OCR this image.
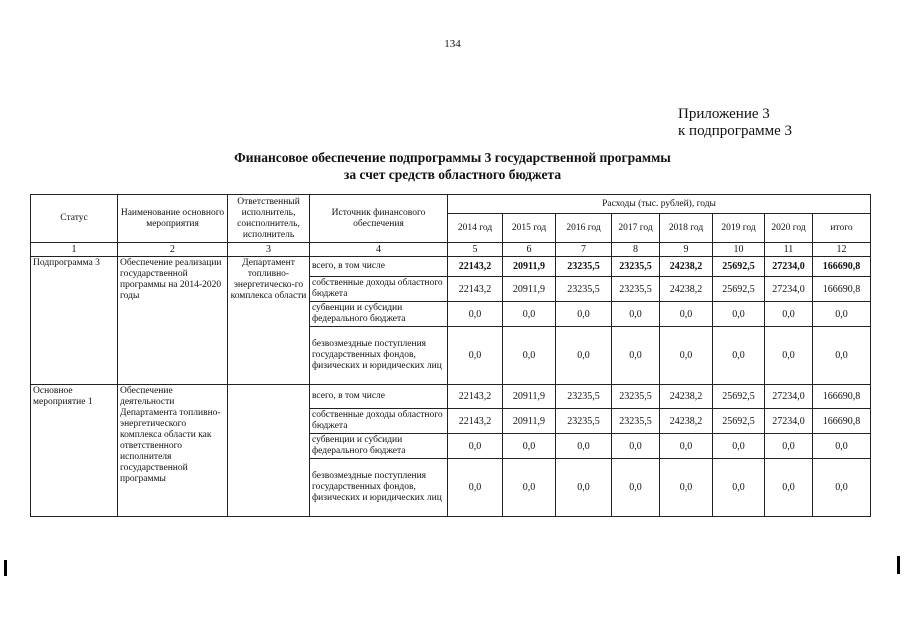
134
Приложение 3
к подпрограмме 3
Финансовое обеспечение подпрограммы 3 государственной программы
за счет средств областного бюджета
Статус	Наименование основного мероприятия	Ответственный исполнитель, соисполнитель, исполнитель	Источник финансового обеспечения	Расходы (тыс. рублей), годы							
				2014 год	2015 год	2016 год	2017 год	2018 год	2019 год	2020 год	итого
1	2	3	4	5	6	7	8	9	10	11	12
Подпрограмма 3	Обеспечение реализации государственной программы на 2014-2020 годы	Департамент топливно-энергетическо-го комплекса области	всего, в том числе	22143,2	20911,9	23235,5	23235,5	24238,2	25692,5	27234,0	166690,8
			собственные доходы областного бюджета	22143,2	20911,9	23235,5	23235,5	24238,2	25692,5	27234,0	166690,8
			субвенции и субсидии федерального бюджета	0,0	0,0	0,0	0,0	0,0	0,0	0,0	0,0
			безвозмездные поступления государственных фондов, физических и юридических лиц	0,0	0,0	0,0	0,0	0,0	0,0	0,0	0,0
Основное мероприятие 1	Обеспечение деятельности Департамента топливно-энергетического комплекса области как ответственного исполнителя государственной программы		всего, в том числе	22143,2	20911,9	23235,5	23235,5	24238,2	25692,5	27234,0	166690,8
			собственные доходы областного бюджета	22143,2	20911,9	23235,5	23235,5	24238,2	25692,5	27234,0	166690,8
			субвенции и субсидии федерального бюджета	0,0	0,0	0,0	0,0	0,0	0,0	0,0	0,0
			безвозмездные поступления государственных фондов, физических и юридических лиц	0,0	0,0	0,0	0,0	0,0	0,0	0,0	0,0
